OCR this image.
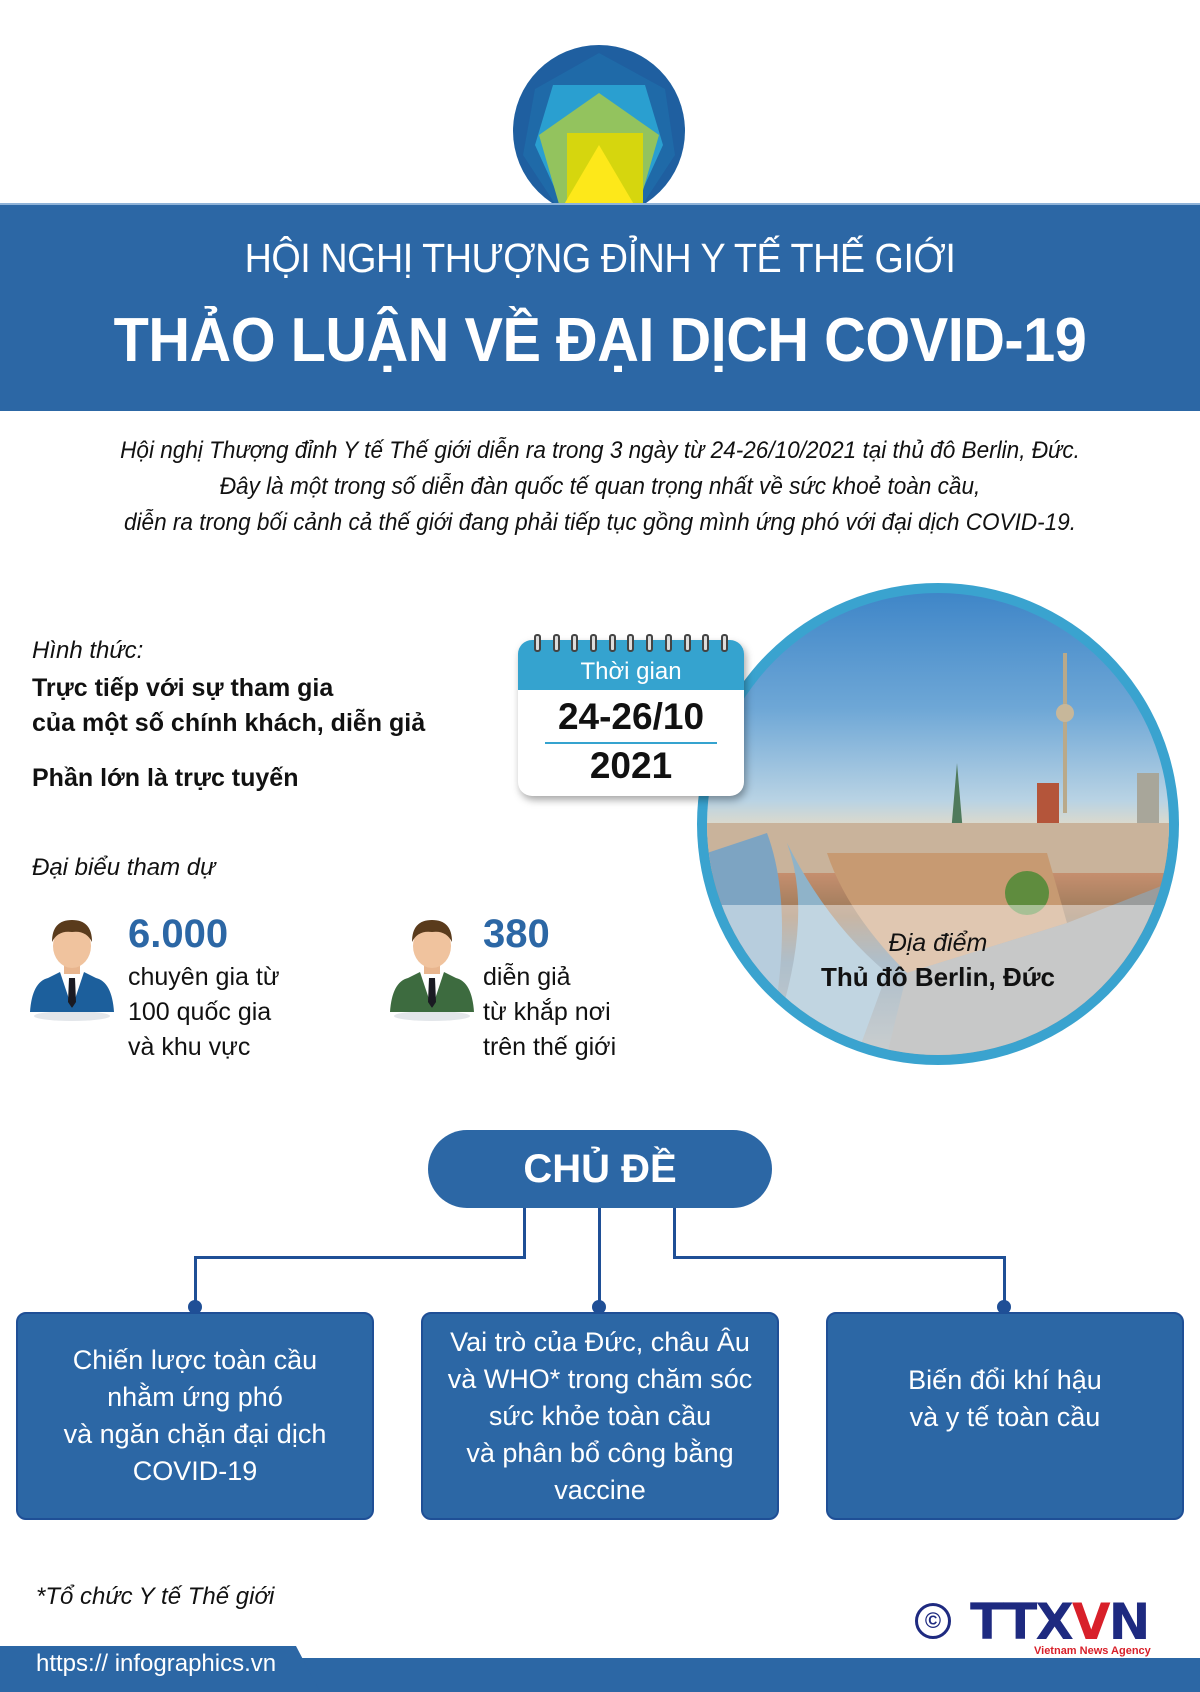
HỘI NGHỊ THƯỢNG ĐỈNH Y TẾ THẾ GIỚI
THẢO LUẬN VỀ ĐẠI DỊCH COVID-19
Hội nghị Thượng đỉnh Y tế Thế giới diễn ra trong 3 ngày từ 24-26/10/2021 tại thủ đô Berlin, Đức.
Đây là một trong số diễn đàn quốc tế quan trọng nhất về sức khoẻ toàn cầu,
diễn ra trong bối cảnh cả thế giới đang phải tiếp tục gồng mình ứng phó với đại dịch COVID-19.
Hình thức:
Trực tiếp với sự tham gia
của một số chính khách, diễn giả
Phần lớn là trực tuyến
Đại biểu tham dự
6.000
chuyên gia từ
100 quốc gia
và khu vực
380
diễn giả
từ khắp nơi
trên thế giới
Địa điểm
Thủ đô Berlin, Đức
Thời gian
24-26/10
2021
CHỦ ĐỀ
Chiến lược toàn cầu
nhằm ứng phó
và ngăn chặn đại dịch
COVID-19
Vai trò của Đức, châu Âu
và WHO* trong chăm sóc
sức khỏe toàn cầu
và phân bổ công bằng
vaccine
Biến đổi khí hậu
và y tế toàn cầu
*Tổ chức Y tế Thế giới
© TTXVN
Vietnam News Agency
https:// infographics.vn
